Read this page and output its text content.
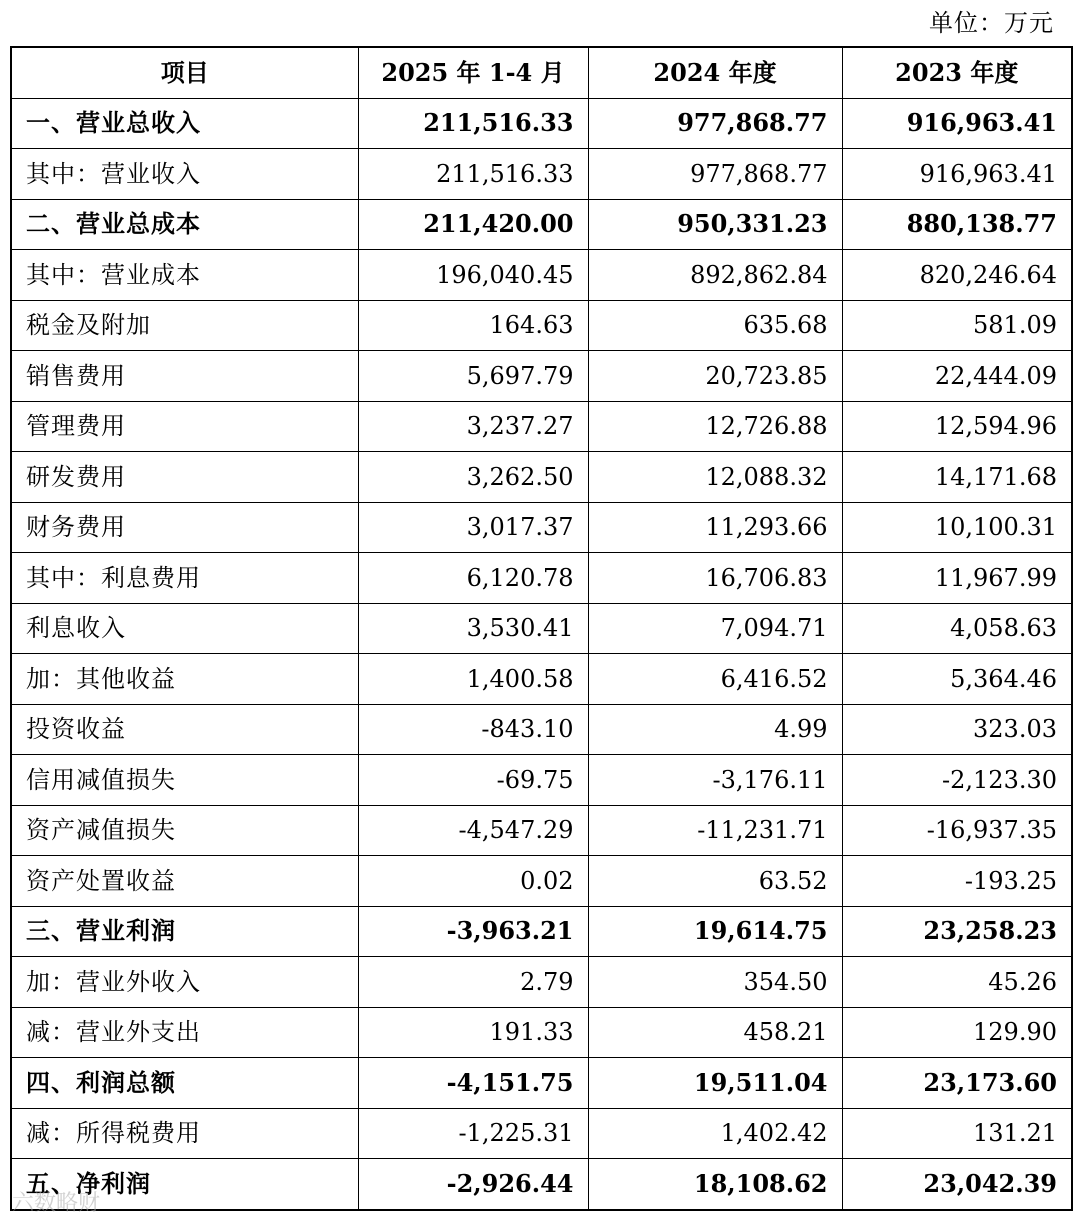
单位：万元
项目	2025 年 1-4 月	2024 年度	2023 年度
一、营业总收入	211,516.33	977,868.77	916,963.41
其中：营业收入	211,516.33	977,868.77	916,963.41
二、营业总成本	211,420.00	950,331.23	880,138.77
其中：营业成本	196,040.45	892,862.84	820,246.64
税金及附加	164.63	635.68	581.09
销售费用	5,697.79	20,723.85	22,444.09
管理费用	3,237.27	12,726.88	12,594.96
研发费用	3,262.50	12,088.32	14,171.68
财务费用	3,017.37	11,293.66	10,100.31
其中：利息费用	6,120.78	16,706.83	11,967.99
利息收入	3,530.41	7,094.71	4,058.63
加：其他收益	1,400.58	6,416.52	5,364.46
投资收益	-843.10	4.99	323.03
信用减值损失	-69.75	-3,176.11	-2,123.30
资产减值损失	-4,547.29	-11,231.71	-16,937.35
资产处置收益	0.02	63.52	-193.25
三、营业利润	-3,963.21	19,614.75	23,258.23
加：营业外收入	2.79	354.50	45.26
减：营业外支出	191.33	458.21	129.90
四、利润总额	-4,151.75	19,511.04	23,173.60
减：所得税费用	-1,225.31	1,402.42	131.21
五、净利润	-2,926.44	18,108.62	23,042.39
六数略财
